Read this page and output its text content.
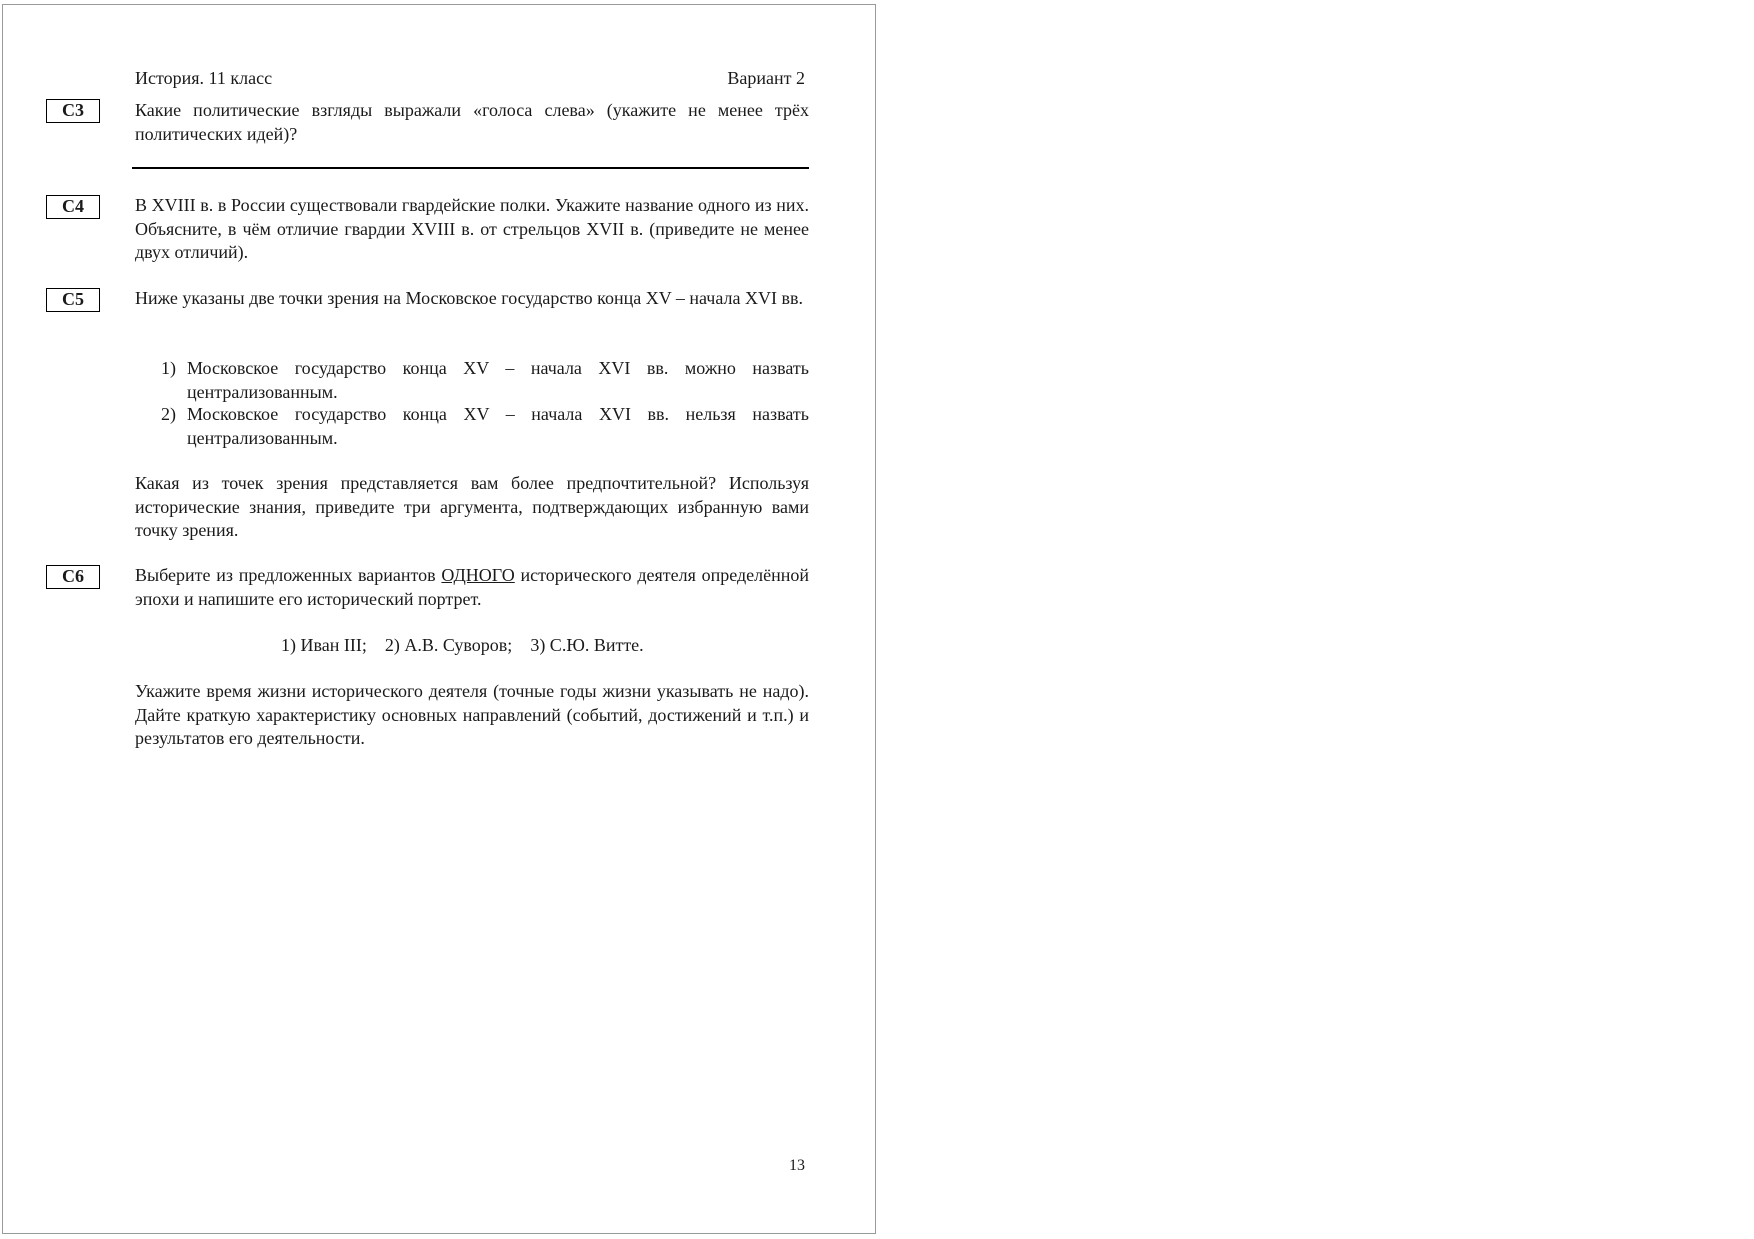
История. 11 класс	Вариант 2
С3	Какие политические взгляды выражали «голоса слева» (укажите не менее трёх политических идей)?
С4	В XVIII в. в России существовали гвардейские полки. Укажите название одного из них. Объясните, в чём отличие гвардии XVIII в. от стрельцов XVII в. (приведите не менее двух отличий).
С5	Ниже указаны две точки зрения на Московское государство конца XV – начала XVI вв.
1) Московское государство конца XV – начала XVI вв. можно назвать централизованным.
2) Московское государство конца XV – начала XVI вв. нельзя назвать централизованным.
Какая из точек зрения представляется вам более предпочтительной? Используя исторические знания, приведите три аргумента, подтверждающих избранную вами точку зрения.
С6	Выберите из предложенных вариантов ОДНОГО исторического деятеля определённой эпохи и напишите его исторический портрет.
1) Иван III; 2) А.В. Суворов; 3) С.Ю. Витте.
Укажите время жизни исторического деятеля (точные годы жизни указывать не надо). Дайте краткую характеристику основных направлений (событий, достижений и т.п.) и результатов его деятельности.
13
